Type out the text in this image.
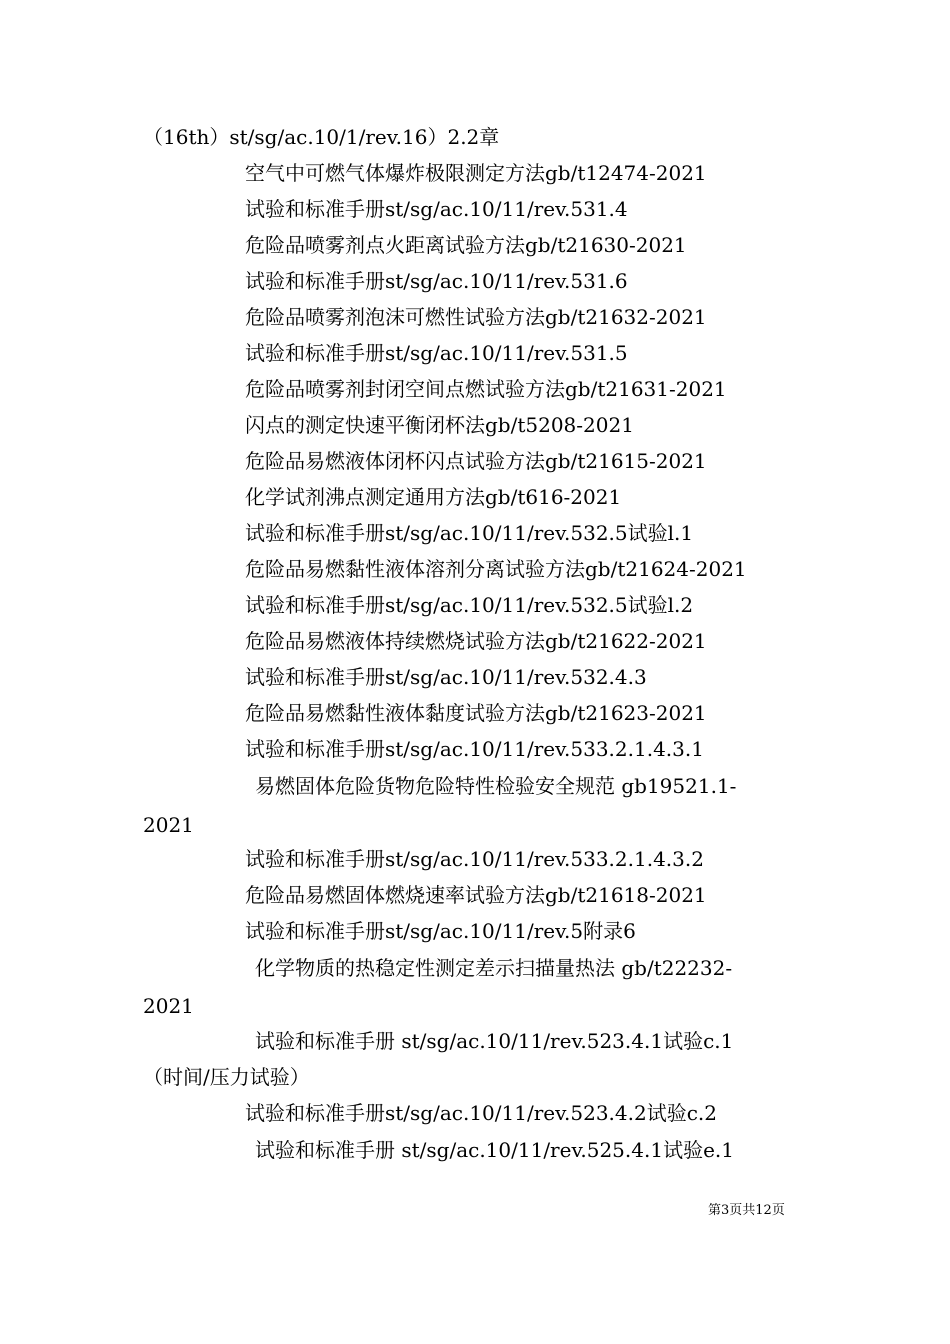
（16th）st/sg/ac.10/1/rev.16）2.2章
空气中可燃气体爆炸极限测定方法gb/t12474-2021
试验和标准手册st/sg/ac.10/11/rev.531.4
危险品喷雾剂点火距离试验方法gb/t21630-2021
试验和标准手册st/sg/ac.10/11/rev.531.6
危险品喷雾剂泡沫可燃性试验方法gb/t21632-2021
试验和标准手册st/sg/ac.10/11/rev.531.5
危险品喷雾剂封闭空间点燃试验方法gb/t21631-2021
闪点的测定快速平衡闭杯法gb/t5208-2021
危险品易燃液体闭杯闪点试验方法gb/t21615-2021
化学试剂沸点测定通用方法gb/t616-2021
试验和标准手册st/sg/ac.10/11/rev.532.5试验l.1
危险品易燃黏性液体溶剂分离试验方法gb/t21624-2021
试验和标准手册st/sg/ac.10/11/rev.532.5试验l.2
危险品易燃液体持续燃烧试验方法gb/t21622-2021
试验和标准手册st/sg/ac.10/11/rev.532.4.3
危险品易燃黏性液体黏度试验方法gb/t21623-2021
试验和标准手册st/sg/ac.10/11/rev.533.2.1.4.3.1
易燃固体危险货物危险特性检验安全规范 gb19521.1-
2021
试验和标准手册st/sg/ac.10/11/rev.533.2.1.4.3.2
危险品易燃固体燃烧速率试验方法gb/t21618-2021
试验和标准手册st/sg/ac.10/11/rev.5附录6
化学物质的热稳定性测定差示扫描量热法 gb/t22232-
2021
试验和标准手册 st/sg/ac.10/11/rev.523.4.1试验c.1
（时间/压力试验）
试验和标准手册st/sg/ac.10/11/rev.523.4.2试验c.2
试验和标准手册 st/sg/ac.10/11/rev.525.4.1试验e.1
第3页共12页
